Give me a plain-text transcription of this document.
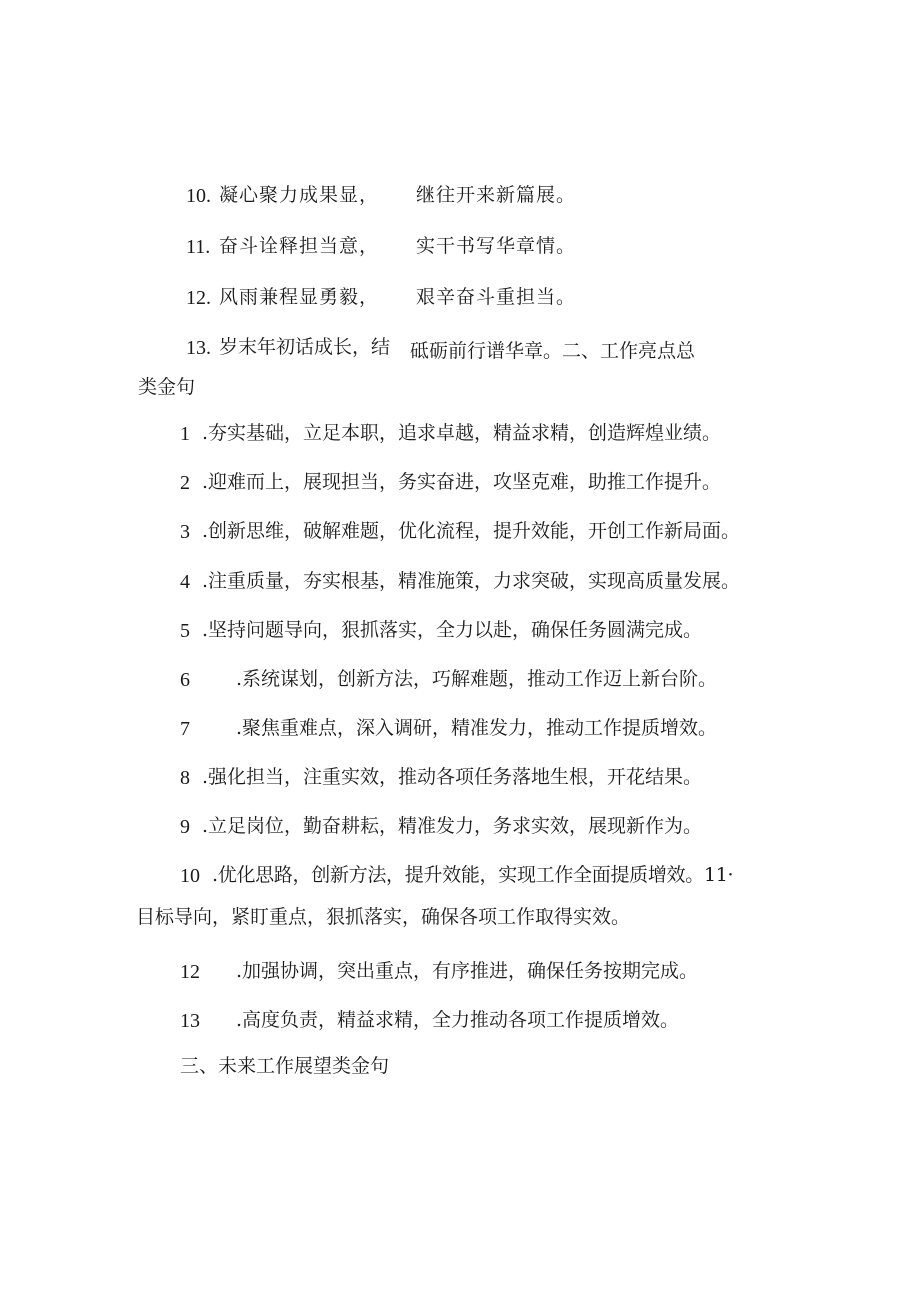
10. 凝心聚力成果显， 继往开来新篇展。
11. 奋斗诠释担当意， 实干书写华章情。
12. 风雨兼程显勇毅， 艰辛奋斗重担当。
13. 岁末年初话成长，结 砥砺前行谱华章。二、工作亮点总
类金句
1 .夯实基础，立足本职，追求卓越，精益求精，创造辉煌业绩。
2 .迎难而上，展现担当，务实奋进，攻坚克难，助推工作提升。
3 .创新思维，破解难题，优化流程，提升效能，开创工作新局面。
4 .注重质量，夯实根基，精准施策，力求突破，实现高质量发展。
5 .坚持问题导向，狠抓落实，全力以赴，确保任务圆满完成。
6 .系统谋划，创新方法，巧解难题，推动工作迈上新台阶。
7 .聚焦重难点，深入调研，精准发力，推动工作提质增效。
8 .强化担当，注重实效，推动各项任务落地生根，开花结果。
9 .立足岗位，勤奋耕耘，精准发力，务求实效，展现新作为。
10 .优化思路，创新方法，提升效能，实现工作全面提质增效。11·
目标导向，紧盯重点，狠抓落实，确保各项工作取得实效。
12 .加强协调，突出重点，有序推进，确保任务按期完成。
13 .高度负责，精益求精，全力推动各项工作提质增效。
三、未来工作展望类金句
